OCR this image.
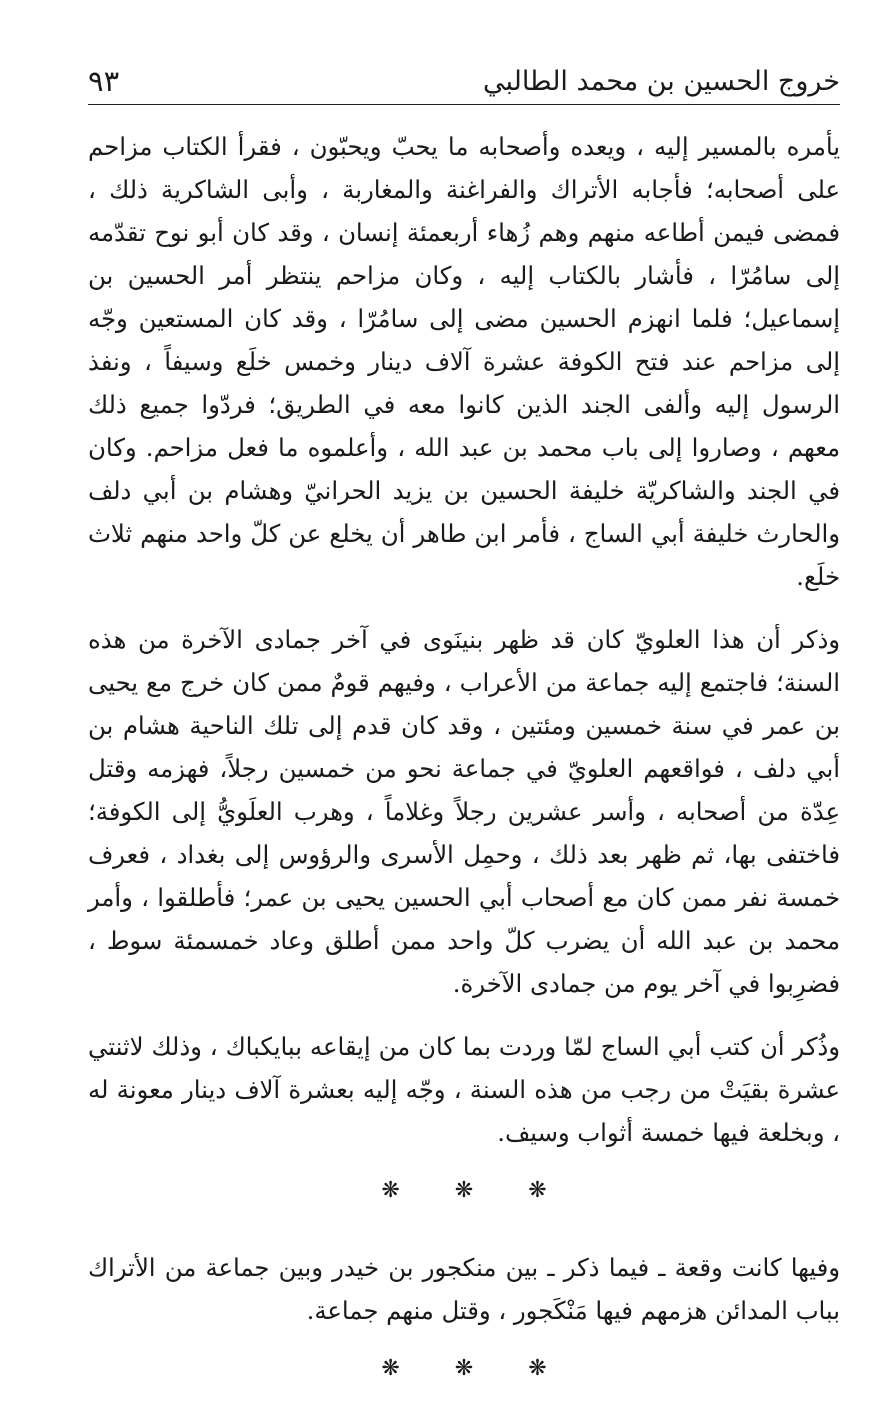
خروج الحسين بن محمد الطالبي
٩٣

يأمره بالمسير إليه ، ويعده وأصحابه ما يحبّ ويحبّون ، فقرأ الكتاب مزاحم على أصحابه؛ فأجابه الأتراك والفراغنة والمغاربة ، وأبى الشاكرية ذلك ، فمضى فيمن أطاعه منهم وهم زُهاء أربعمئة إنسان ، وقد كان أبو نوح تقدّمه إلى سامُرّا ، فأشار بالكتاب إليه ، وكان مزاحم ينتظر أمر الحسين بن إسماعيل؛ فلما انهزم الحسين مضى إلى سامُرّا ، وقد كان المستعين وجّه إلى مزاحم عند فتح الكوفة عشرة آلاف دينار وخمس خلَع وسيفاً ، ونفذ الرسول إليه وألفى الجند الذين كانوا معه في الطريق؛ فردّوا جميع ذلك معهم ، وصاروا إلى باب محمد بن عبد الله ، وأعلموه ما فعل مزاحم. وكان في الجند والشاكريّة خليفة الحسين بن يزيد الحرانيّ وهشام بن أبي دلف والحارث خليفة أبي الساج ، فأمر ابن طاهر أن يخلع عن كلّ واحد منهم ثلاث خلَع.

وذكر أن هذا العلويّ كان قد ظهر بنينَوى في آخر جمادى الآخرة من هذه السنة؛ فاجتمع إليه جماعة من الأعراب ، وفيهم قومٌ ممن كان خرج مع يحيى بن عمر في سنة خمسين ومئتين ، وقد كان قدم إلى تلك الناحية هشام بن أبي دلف ، فواقعهم العلويّ في جماعة نحو من خمسين رجلاً، فهزمه وقتل عِدّة من أصحابه ، وأسر عشرين رجلاً وغلاماً ، وهرب العلَويُّ إلى الكوفة؛ فاختفى بها، ثم ظهر بعد ذلك ، وحمِل الأسرى والرؤوس إلى بغداد ، فعرف خمسة نفر ممن كان مع أصحاب أبي الحسين يحيى بن عمر؛ فأطلقوا ، وأمر محمد بن عبد الله أن يضرب كلّ واحد ممن أطلق وعاد خمسمئة سوط ، فضرِبوا في آخر يوم من جمادى الآخرة.

وذُكر أن كتب أبي الساج لمّا وردت بما كان من إيقاعه ببايكباك ، وذلك لاثنتي عشرة بقيَتْ من رجب من هذه السنة ، وجّه إليه بعشرة آلاف دينار معونة له ، وبخلعة فيها خمسة أثواب وسيف.

❋ ❋ ❋

وفيها كانت وقعة ـ فيما ذكر ـ بين منكجور بن خيدر وبين جماعة من الأتراك بباب المدائن هزمهم فيها مَنْكَجور ، وقتل منهم جماعة.

❋ ❋ ❋
